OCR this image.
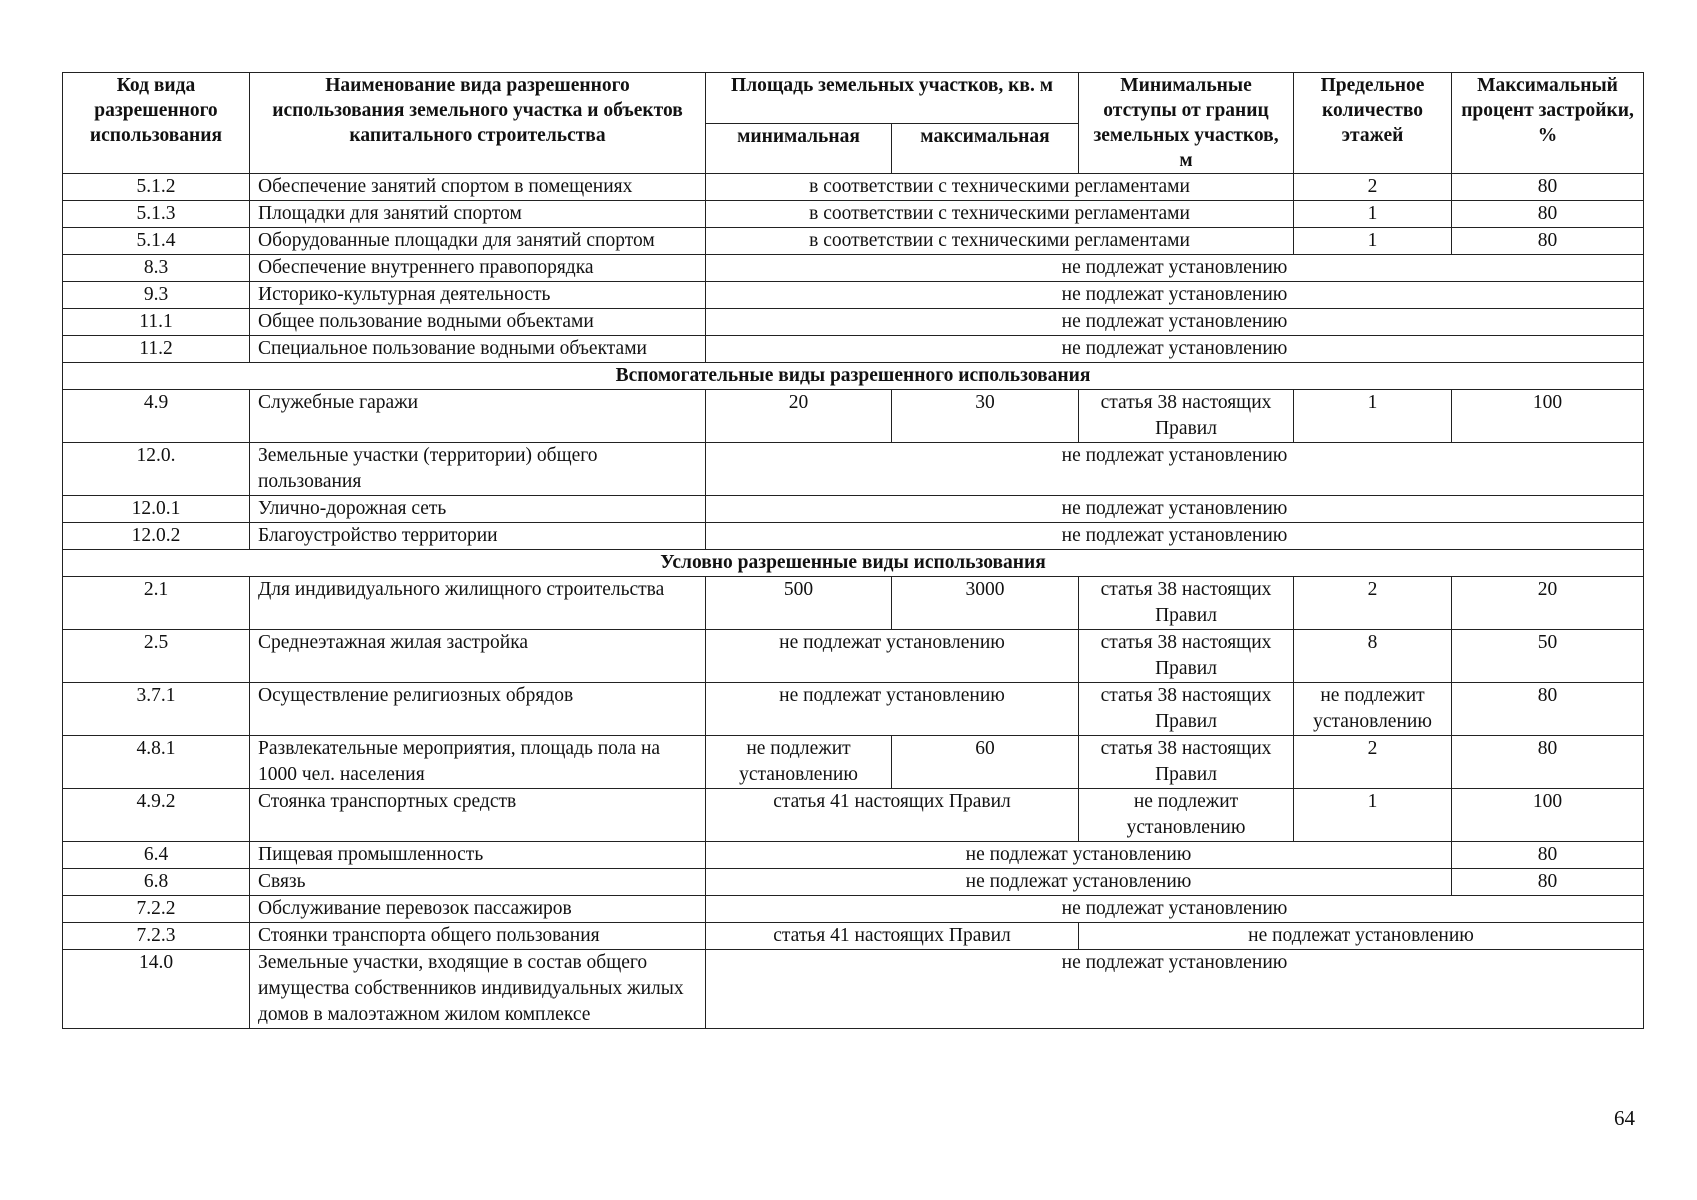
Код вида разрешенного использования	Наименование вида разрешенного использования земельного участка и объектов капитального строительства	Площадь земельных участков, кв. м		Минимальные отступы от границ земельных участков, м	Предельное количество этажей	Максимальный процент застройки, %
		минимальная	максимальная			
5.1.2	Обеспечение занятий спортом в помещениях	в соответствии с техническими регламентами			2	80
5.1.3	Площадки для занятий спортом	в соответствии с техническими регламентами			1	80
5.1.4	Оборудованные площадки для занятий спортом	в соответствии с техническими регламентами			1	80
8.3	Обеспечение внутреннего правопорядка	не подлежат установлению				
9.3	Историко-культурная деятельность	не подлежат установлению				
11.1	Общее пользование водными объектами	не подлежат установлению				
11.2	Специальное пользование водными объектами	не подлежат установлению				
Вспомогательные виды разрешенного использования						
4.9	Служебные гаражи	20	30	статья 38 настоящих Правил	1	100
12.0.	Земельные участки (территории) общего пользования	не подлежат установлению				
12.0.1	Улично-дорожная сеть	не подлежат установлению				
12.0.2	Благоустройство территории	не подлежат установлению				
Условно разрешенные виды использования						
2.1	Для индивидуального жилищного строительства	500	3000	статья 38 настоящих Правил	2	20
2.5	Среднеэтажная жилая застройка	не подлежат установлению		статья 38 настоящих Правил	8	50
3.7.1	Осуществление религиозных обрядов	не подлежат установлению		статья 38 настоящих Правил	не подлежит установлению	80
4.8.1	Развлекательные мероприятия, площадь пола на 1000 чел. населения	не подлежит установлению	60	статья 38 настоящих Правил	2	80
4.9.2	Стоянка транспортных средств	статья 41 настоящих Правил		не подлежит установлению	1	100
6.4	Пищевая промышленность	не подлежат установлению				80
6.8	Связь	не подлежат установлению				80
7.2.2	Обслуживание перевозок пассажиров	не подлежат установлению				
7.2.3	Стоянки транспорта общего пользования	статья 41 настоящих Правил		не подлежат установлению		
14.0	Земельные участки, входящие в состав общего имущества собственников индивидуальных жилых домов в малоэтажном жилом комплексе	не подлежат установлению				
64
